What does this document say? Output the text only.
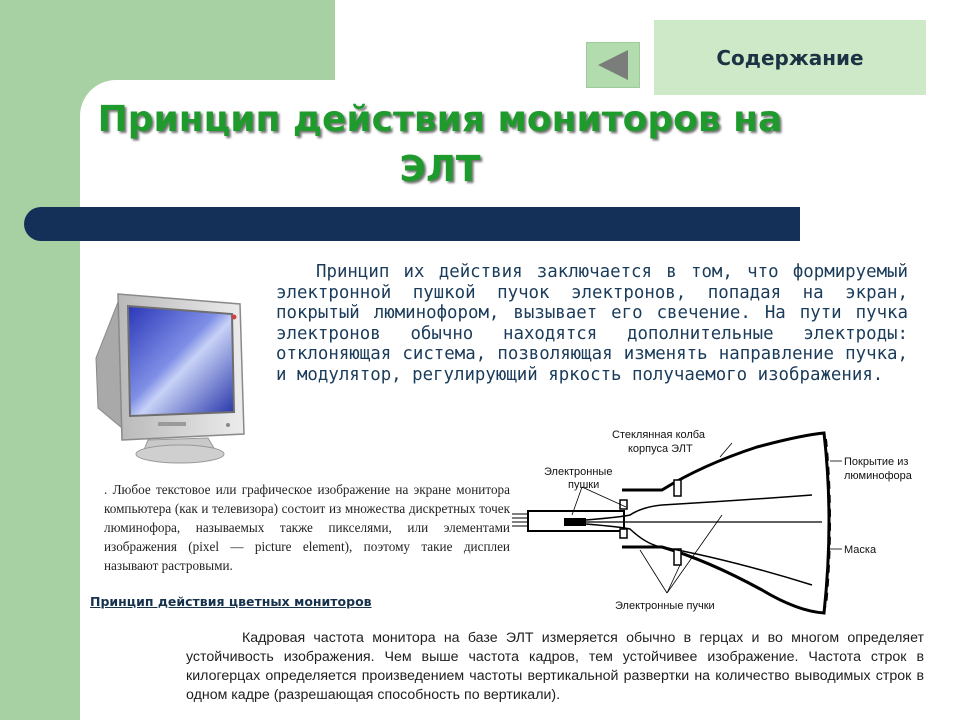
Содержание
Принцип действия мониторов на
ЭЛТ

Принцип их действия заключается в том, что формируемый электронной пушкой пучок электронов, попадая на экран, покрытый люминофором, вызывает его свечение. На пути пучка электронов обычно находятся дополнительные электроды: отклоняющая система, позволяющая изменять направление пучка, и модулятор, регулирующий яркость получаемого изображения.

. Любое текстовое или графическое изображение на экране монитора компьютера (как и телевизора) состоит из множества дискретных точек люминофора, называемых также пикселями, или элементами изображения (pixel — picture element), поэтому такие дисплеи называют растровыми.

Принцип действия цветных мониторов
Стеклянная колба
корпуса ЭЛТ
Электронные
пушки
Покрытие из
люминофора
Маска
Электронные пучки

Кадровая частота монитора на базе ЭЛТ измеряется обычно в герцах и во многом определяет устойчивость изображения. Чем выше частота кадров, тем устойчивее изображение. Частота строк в килогерцах определяется произведением частоты вертикальной развертки на количество выводимых строк в одном кадре (разрешающая способность по вертикали).
